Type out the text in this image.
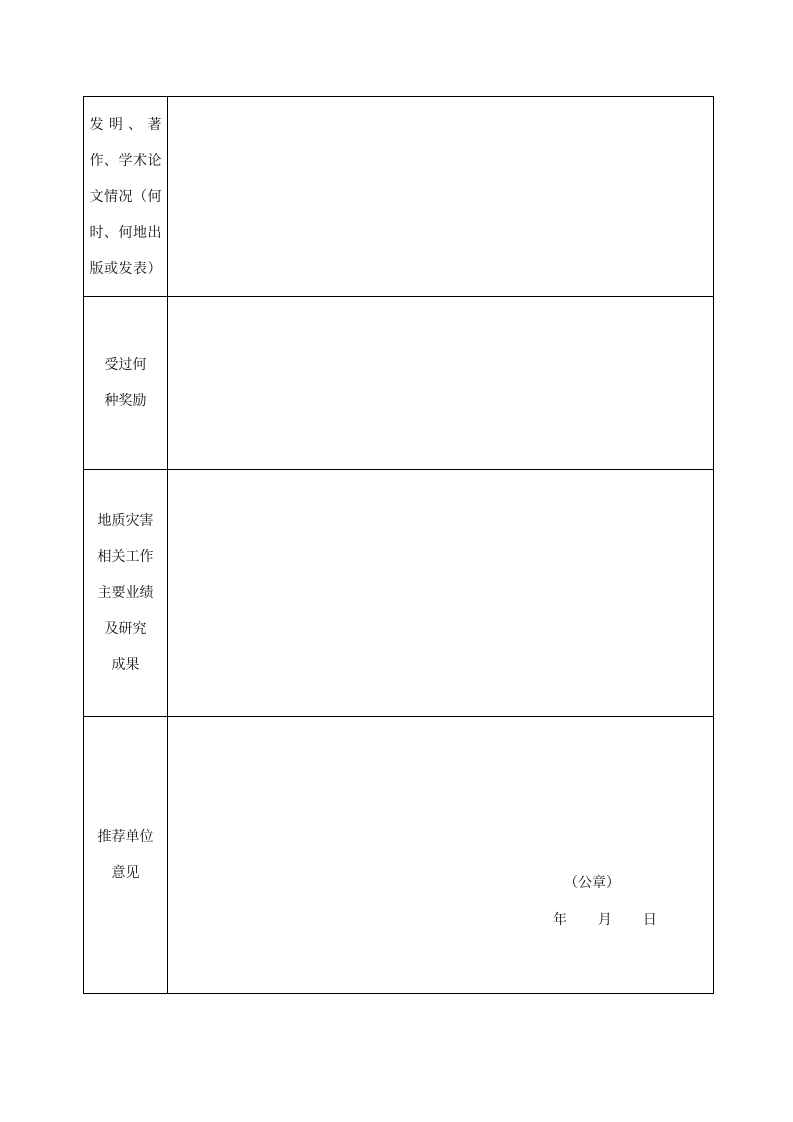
发 明 、 著
作、学术论
文情况（何
时、何地出
版或发表）	

受过何
种奖励	

地质灾害
相关工作
主要业绩
及研究
成果	

推荐单位
意见	（公章）
年 月 日
